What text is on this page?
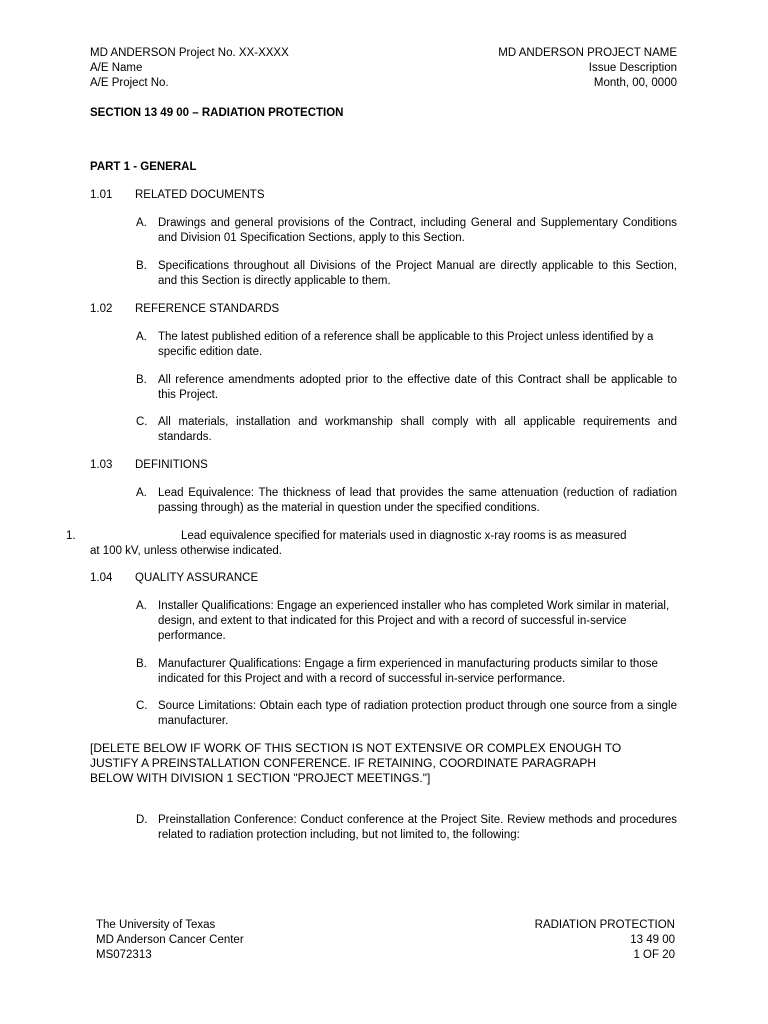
MD ANDERSON Project No. XX-XXXX
A/E Name
A/E Project No.
MD ANDERSON PROJECT NAME
Issue Description
Month, 00, 0000
SECTION 13 49 00 – RADIATION PROTECTION
PART 1 - GENERAL
1.01 RELATED DOCUMENTS
A. Drawings and general provisions of the Contract, including General and Supplementary Conditions and Division 01 Specification Sections, apply to this Section.
B. Specifications throughout all Divisions of the Project Manual are directly applicable to this Section, and this Section is directly applicable to them.
1.02 REFERENCE STANDARDS
A. The latest published edition of a reference shall be applicable to this Project unless identified by a specific edition date.
B. All reference amendments adopted prior to the effective date of this Contract shall be applicable to this Project.
C. All materials, installation and workmanship shall comply with all applicable requirements and standards.
1.03 DEFINITIONS
A. Lead Equivalence: The thickness of lead that provides the same attenuation (reduction of radiation passing through) as the material in question under the specified conditions.
1.	Lead equivalence specified for materials used in diagnostic x-ray rooms is as measured
at 100 kV, unless otherwise indicated.
1.04 QUALITY ASSURANCE
A. Installer Qualifications: Engage an experienced installer who has completed Work similar in material, design, and extent to that indicated for this Project and with a record of successful in-service performance.
B. Manufacturer Qualifications: Engage a firm experienced in manufacturing products similar to those indicated for this Project and with a record of successful in-service performance.
C. Source Limitations: Obtain each type of radiation protection product through one source from a single manufacturer.
[DELETE BELOW IF WORK OF THIS SECTION IS NOT EXTENSIVE OR COMPLEX ENOUGH TO
JUSTIFY A PREINSTALLATION CONFERENCE. IF RETAINING, COORDINATE PARAGRAPH
BELOW WITH DIVISION 1 SECTION "PROJECT MEETINGS."]
D. Preinstallation Conference: Conduct conference at the Project Site. Review methods and procedures related to radiation protection including, but not limited to, the following:
The University of Texas
MD Anderson Cancer Center
MS072313
RADIATION PROTECTION
13 49 00
1 OF 20
